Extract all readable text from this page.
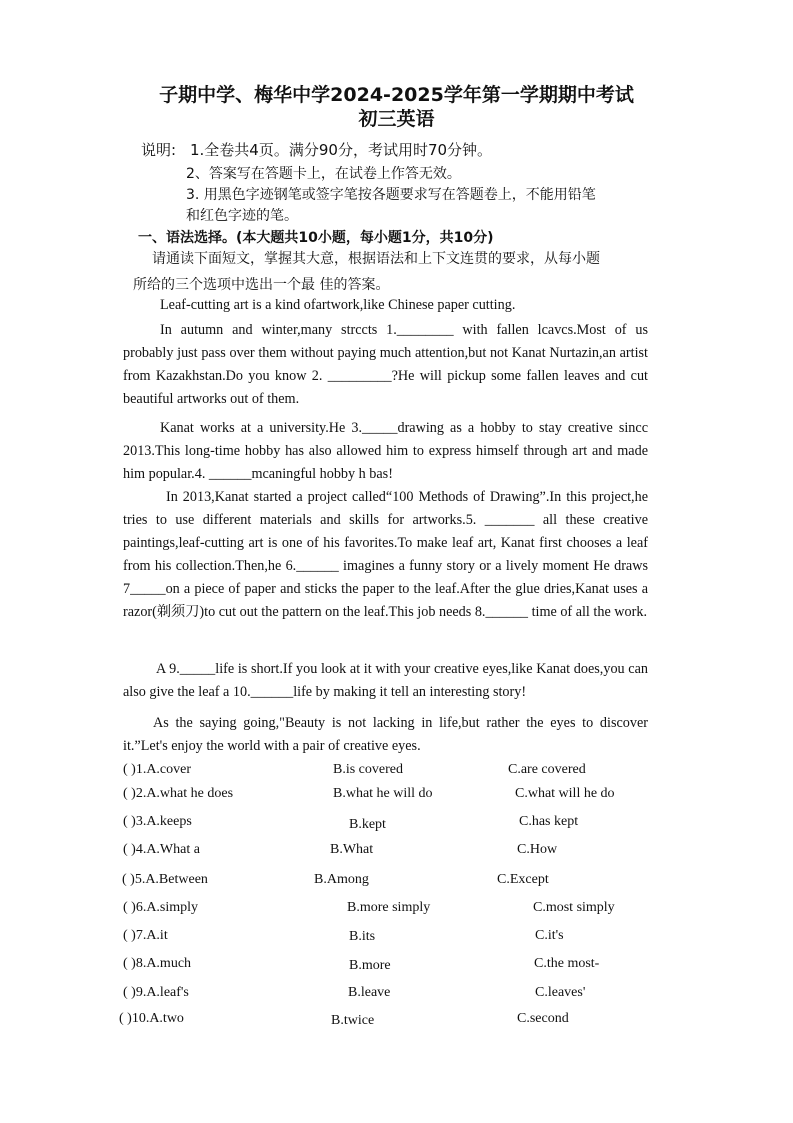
子期中学、梅华中学2024-2025学年第一学期期中考试
初三英语
说明: 1.全卷共4页。满分90分，考试用时70分钟。
2、答案写在答题卡上，在试卷上作答无效。
3. 用黑色字迹钢笔或签字笔按各题要求写在答题卷上，不能用铅笔
和红色字迹的笔。
一、语法选择。(本大题共10小题，每小题1分，共10分)
请通读下面短文，掌握其大意，根据语法和上下文连贯的要求，从每小题
所给的三个选项中选出一个最 佳的答案。
Leaf-cutting art is a kind ofartwork,like Chinese paper cutting.
In autumn and winter,many strccts 1.________ with fallen lcavcs.Most of us probably just pass over them without paying much attention,but not Kanat Nurtazin,an artist from Kazakhstan.Do you know 2. _________?He will pickup some fallen leaves and cut beautiful artworks out of them.
Kanat works at a university.He 3._____drawing as a hobby to stay creative sincc 2013.This long-time hobby has also allowed him to express himself through art and made him popular.4. ______mcaningful hobby h bas!
In 2013,Kanat started a project called“100 Methods of Drawing”.In this project,he tries to use different materials and skills for artworks.5. _______ all these creative paintings,leaf-cutting art is one of his favorites.To make leaf art, Kanat first chooses a leaf from his collection.Then,he 6.______ imagines a funny story or a lively moment He draws 7_____on a piece of paper and sticks the paper to the leaf.After the glue dries,Kanat uses a razor(剃须刀)to cut out the pattern on the leaf.This job needs 8.______ time of all the work.
A 9._____life is short.If you look at it with your creative eyes,like Kanat does,you can also give the leaf a 10.______life by making it tell an interesting story!
As the saying going,"Beauty is not lacking in life,but rather the eyes to discover it.”Let's enjoy the world with a pair of creative eyes.
( )1.A.cover	B.is covered	C.are covered
( )2.A.what he does	B.what he will do	C.what will he do
( )3.A.keeps	B.kept	C.has kept
( )4.A.What a	B.What	C.How
( )5.A.Between	B.Among	C.Except
( )6.A.simply	B.more simply	C.most simply
( )7.A.it	B.its	C.it's
( )8.A.much	B.more	C.the most-
( )9.A.leaf's	B.leave	C.leaves'
( )10.A.two	B.twice	C.second
